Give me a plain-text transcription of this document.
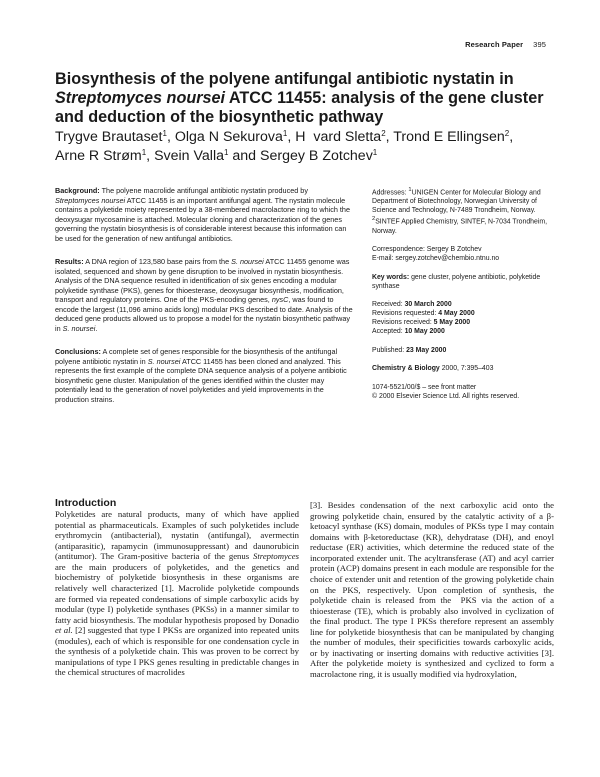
Research Paper 395
Biosynthesis of the polyene antifungal antibiotic nystatin in Streptomyces noursei ATCC 11455: analysis of the gene cluster and deduction of the biosynthetic pathway
Trygve Brautaset$^1$, Olga N Sekurova$^1$, H  vard Sletta$^2$, Trond E Ellingsen$^2$,
Arne R Strøm$^1$, Svein Valla$^1$ and Sergey B Zotchev$^1$

Background: The polyene macrolide antifungal antibiotic nystatin produced by Streptomyces noursei ATCC 11455 is an important antifungal agent. The nystatin molecule contains a polyketide moiety represented by a 38-membered macrolactone ring to which the deoxysugar mycosamine is attached. Molecular cloning and characterization of the genes governing the nystatin biosynthesis is of considerable interest because this information can be used for the generation of new antifungal antibiotics.

Results: A DNA region of 123,580 base pairs from the S. noursei ATCC 11455 genome was isolated, sequenced and shown by gene disruption to be involved in nystatin biosynthesis. Analysis of the DNA sequence resulted in identification of six genes encoding a modular polyketide synthase (PKS), genes for thioesterase, deoxysugar biosynthesis, modification, transport and regulatory proteins. One of the PKS-encoding genes, nysC, was found to encode the largest (11,096 amino acids long) modular PKS described to date. Analysis of the deduced gene products allowed us to propose a model for the nystatin biosynthetic pathway in S. noursei.

Conclusions: A complete set of genes responsible for the biosynthesis of the antifungal polyene antibiotic nystatin in S. noursei ATCC 11455 has been cloned and analyzed. This represents the first example of the complete DNA sequence analysis of a polyene antibiotic biosynthetic gene cluster. Manipulation of the genes identified within the cluster may potentially lead to the generation of novel polyketides and yield improvements in the production strains.

Addresses: $^1$UNIGEN Center for Molecular Biology and Department of Biotechnology, Norwegian University of Science and Technology, N-7489 Trondheim, Norway. $^2$SINTEF Applied Chemistry, SINTEF, N-7034 Trondheim, Norway.

Correspondence: Sergey B Zotchev
E-mail: sergey.zotchev@chembio.ntnu.no

Key words: gene cluster, polyene antibiotic, polyketide synthase

Received: 30 March 2000
Revisions requested: 4 May 2000
Revisions received: 5 May 2000
Accepted: 10 May 2000

Published: 23 May 2000

Chemistry & Biology 2000, 7:395–403

1074-5521/00/$ – see front matter
© 2000 Elsevier Science Ltd. All rights reserved.

Introduction

Polyketides are natural products, many of which have applied potential as pharmaceuticals. Examples of such polyketides include erythromycin (antibacterial), nystatin (antifungal), avermectin (antiparasitic), rapamycin (immunosuppressant) and daunorubicin (antitumor). The Gram-positive bacteria of the genus Streptomyces are the main producers of polyketides, and the genetics and biochemistry of polyketide biosynthesis in these organisms are relatively well characterized [1]. Macrolide polyketide compounds are formed via repeated condensations of simple carboxylic acids by modular (type I) polyketide synthases (PKSs) in a manner similar to fatty acid biosynthesis. The modular hypothesis proposed by Donadio et al. [2] suggested that type I PKSs are organized into repeated units (modules), each of which is responsible for one condensation cycle in the synthesis of a polyketide chain. This was proven to be correct by manipulations of type I PKS genes resulting in predictable changes in the chemical structures of macrolides

[3]. Besides condensation of the next carboxylic acid onto the growing polyketide chain, ensured by the catalytic activity of a β-ketoacyl synthase (KS) domain, modules of PKSs type I may contain domains with β-ketoreductase (KR), dehydratase (DH), and enoyl reductase (ER) activities, which determine the reduced state of the incorporated extender unit. The acyltransferase (AT) and acyl carrier protein (ACP) domains present in each module are responsible for the choice of extender unit and retention of the growing polyketide chain on the PKS, respectively. Upon completion of synthesis, the polyketide chain is released from the  PKS via the action of a thioesterase (TE), which is probably also involved in cyclization of the final product. The type I PKSs therefore represent an assembly line for polyketide biosynthesis that can be manipulated by changing the number of modules, their specificities towards carboxylic acids, or by inactivating or inserting domains with reductive activities [3]. After the polyketide moiety is synthesized and cyclized to form a macrolactone ring, it is usually modified via hydroxylation,
